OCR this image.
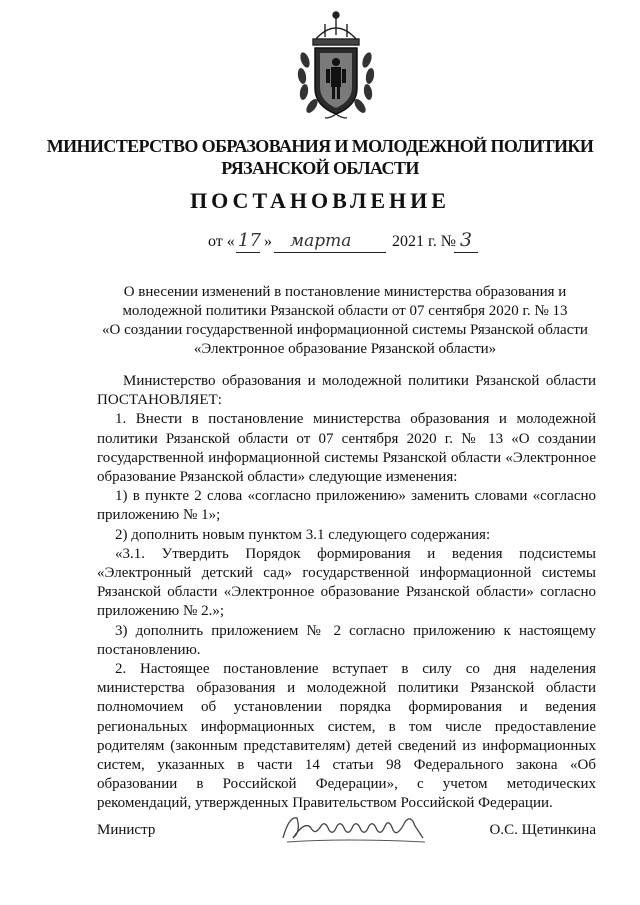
МИНИСТЕРСТВО ОБРАЗОВАНИЯ И МОЛОДЕЖНОЙ ПОЛИТИКИ
РЯЗАНСКОЙ ОБЛАСТИ
ПОСТАНОВЛЕНИЕ
от « 17 » марта	2021 г. № 3
О внесении изменений в постановление министерства образования и
молодежной политики Рязанской области от 07 сентября 2020 г. № 13
«О создании государственной информационной системы Рязанской области
«Электронное образование Рязанской области»

Министерство образования и молодежной политики Рязанской области ПОСТАНОВЛЯЕТ:

1. Внести в постановление министерства образования и молодежной политики Рязанской области от 07 сентября 2020 г. № 13 «О создании государственной информационной системы Рязанской области «Электронное образование Рязанской области» следующие изменения:

1) в пункте 2 слова «согласно приложению» заменить словами «согласно приложению № 1»;

2) дополнить новым пунктом 3.1 следующего содержания:

«3.1. Утвердить Порядок формирования и ведения подсистемы «Электронный детский сад» государственной информационной системы Рязанской области «Электронное образование Рязанской области» согласно приложению № 2.»;

3) дополнить приложением № 2 согласно приложению к настоящему постановлению.

2. Настоящее постановление вступает в силу со дня наделения министерства образования и молодежной политики Рязанской области полномочием об установлении порядка формирования и ведения региональных информационных систем, в том числе предоставление родителям (законным представителям) детей сведений из информационных систем, указанных в части 14 статьи 98 Федерального закона «Об образовании в Российской Федерации», с учетом методических рекомендаций, утвержденных Правительством Российской Федерации.

Министр	О.С. Щетинкина
